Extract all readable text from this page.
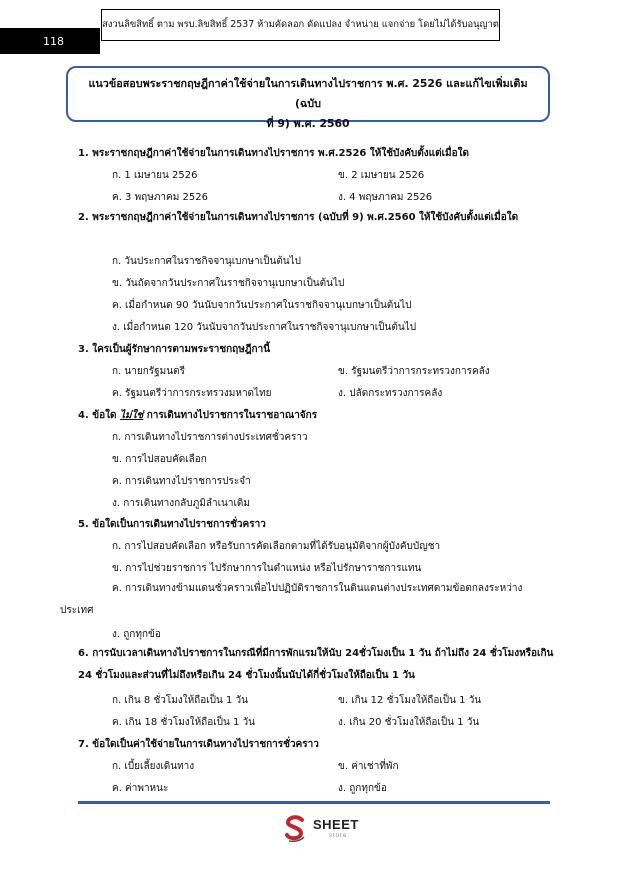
118
สงวนลิขสิทธิ์ ตาม พรบ.ลิขสิทธิ์ 2537 ห้ามคัดลอก ดัดแปลง จำหน่าย แจกจ่าย โดยไม่ได้รับอนุญาต
แนวข้อสอบพระราชกฤษฎีกาค่าใช้จ่ายในการเดินทางไปราชการ พ.ศ. 2526 และแก้ไขเพิ่มเติม (ฉบับ
ที่ 9) พ.ศ. 2560
1. พระราชกฤษฎีกาค่าใช้จ่ายในการเดินทางไปราชการ พ.ศ.2526 ให้ใช้บังคับตั้งแต่เมื่อใด
ก. 1 เมษายน 2526	ข. 2 เมษายน 2526
ค. 3 พฤษภาคม 2526	ง. 4 พฤษภาคม 2526
2. พระราชกฤษฎีกาค่าใช้จ่ายในการเดินทางไปราชการ (ฉบับที่ 9) พ.ศ.2560 ให้ใช้บังคับตั้งแต่เมื่อใด
ก. วันประกาศในราชกิจจานุเบกษาเป็นต้นไป
ข. วันถัดจากวันประกาศในราชกิจจานุเบกษาเป็นต้นไป
ค. เมื่อกำหนด 90 วันนับจากวันประกาศในราชกิจจานุเบกษาเป็นต้นไป
ง. เมื่อกำหนด 120 วันนับจากวันประกาศในราชกิจจานุเบกษาเป็นต้นไป
3. ใครเป็นผู้รักษาการตามพระราชกฤษฎีกานี้
ก. นายกรัฐมนตรี	ข. รัฐมนตรีว่าการกระทรวงการคลัง
ค. รัฐมนตรีว่าการกระทรวงมหาดไทย	ง. ปลัดกระทรวงการคลัง
4. ข้อใด ไม่ใช่ การเดินทางไปราชการในราชอาณาจักร
ก. การเดินทางไปราชการต่างประเทศชั่วคราว
ข. การไปสอบคัดเลือก
ค. การเดินทางไปราชการประจำ
ง. การเดินทางกลับภูมิลำเนาเดิม
5. ข้อใดเป็นการเดินทางไปราชการชั่วคราว
ก. การไปสอบคัดเลือก หรือรับการคัดเลือกตามที่ได้รับอนุมัติจากผู้บังคับบัญชา
ข. การไปช่วยราชการ ไปรักษาการในตำแหน่ง หรือไปรักษาราชการแทน
ค. การเดินทางข้ามแดนชั่วคราวเพื่อไปปฏิบัติราชการในดินแดนต่างประเทศตามข้อตกลงระหว่างประเทศ
ง. ถูกทุกข้อ
6. การนับเวลาเดินทางไปราชการในกรณีที่มีการพักแรมให้นับ 24ชั่วโมงเป็น 1 วัน ถ้าไม่ถึง 24 ชั่วโมงหรือเกิน 24 ชั่วโมงและส่วนที่ไม่ถึงหรือเกิน 24 ชั่วโมงนั้นนับได้กี่ชั่วโมงให้ถือเป็น 1 วัน
ก. เกิน 8 ชั่วโมงให้ถือเป็น 1 วัน	ข. เกิน 12 ชั่วโมงให้ถือเป็น 1 วัน
ค. เกิน 18 ชั่วโมงให้ถือเป็น 1 วัน	ง. เกิน 20 ชั่วโมงให้ถือเป็น 1 วัน
7. ข้อใดเป็นค่าใช้จ่ายในการเดินทางไปราชการชั่วคราว
ก. เบี้ยเลี้ยงเดินทาง	ข. ค่าเช่าที่พัก
ค. ค่าพาหนะ	ง. ถูกทุกข้อ
SHEET
store
